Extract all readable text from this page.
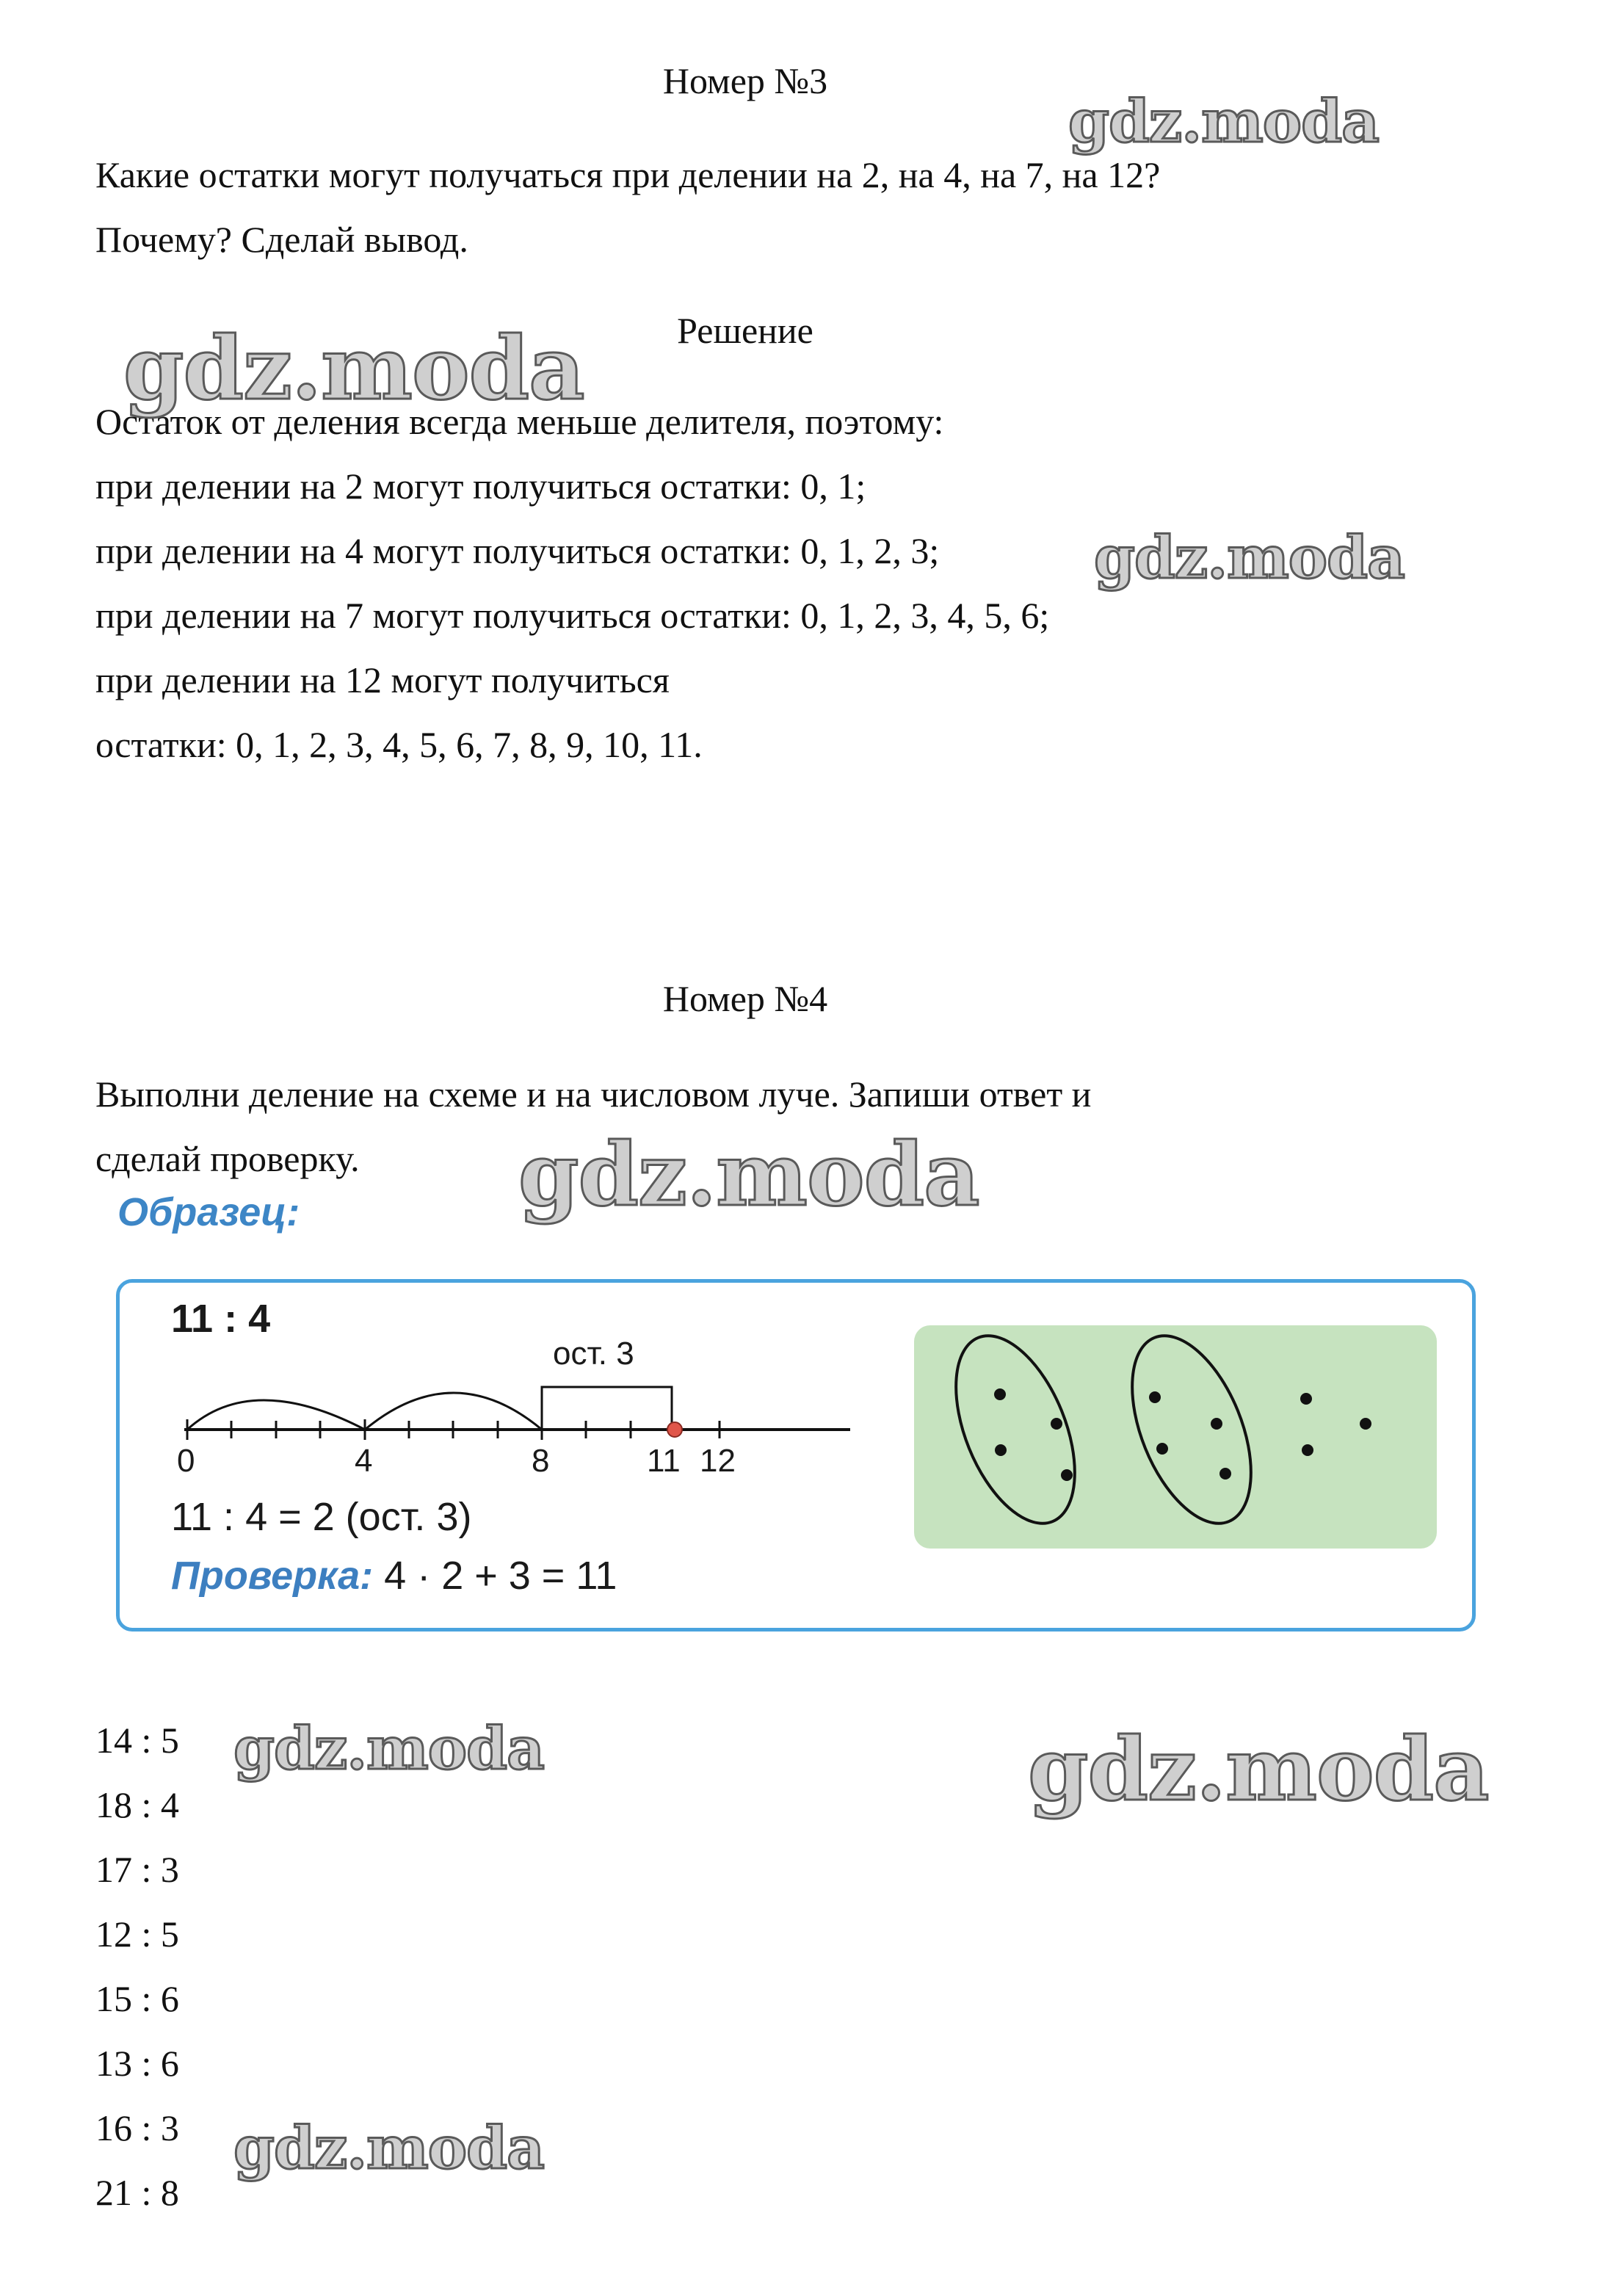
Номер №3
Какие остатки могут получаться при делении на 2, на 4, на 7, на 12?
Почему? Сделай вывод.
Решение
Остаток от деления всегда меньше делителя, поэтому:
при делении на 2 могут получиться остатки: 0, 1;
при делении на 4 могут получиться остатки: 0, 1, 2, 3;
при делении на 7 могут получиться остатки: 0, 1, 2, 3, 4, 5, 6;
при делении на 12 могут получиться
остатки: 0, 1, 2, 3, 4, 5, 6, 7, 8, 9, 10, 11.
Номер №4
Выполни деление на схеме и на числовом луче. Запиши ответ и
сделай проверку.
Образец:
11 : 4
ост. 3
0	4	8	11 12
11 : 4 = 2 (ост. 3)
Проверка: 4 · 2 + 3 = 11
14 : 5
18 : 4
17 : 3
12 : 5
15 : 6
13 : 6
16 : 3
21 : 8
gdz.moda
gdz.moda
gdz.moda
gdz.moda
gdz.moda	gdz.moda
gdz.moda
